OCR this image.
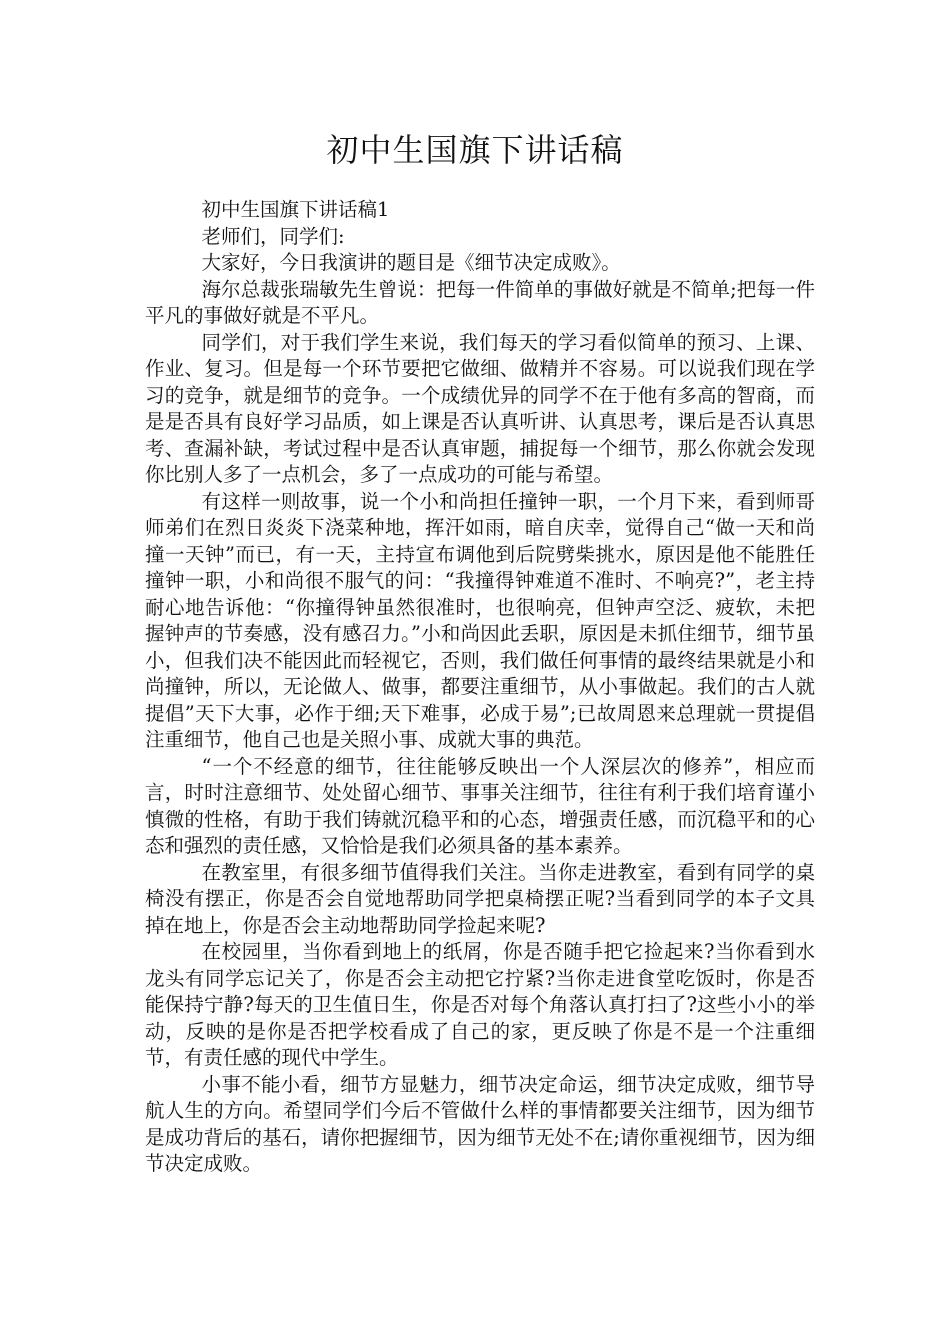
初中生国旗下讲话稿

初中生国旗下讲话稿1

老师们，同学们:

大家好，今日我演讲的题目是《细节决定成败》。

海尔总裁张瑞敏先生曾说：把每一件简单的事做好就是不简单;把每一件平凡的事做好就是不平凡。

同学们，对于我们学生来说，我们每天的学习看似简单的预习、上课、作业、复习。但是每一个环节要把它做细、做精并不容易。可以说我们现在学习的竞争，就是细节的竞争。一个成绩优异的同学不在于他有多高的智商，而是是否具有良好学习品质，如上课是否认真听讲、认真思考，课后是否认真思考、查漏补缺，考试过程中是否认真审题，捕捉每一个细节，那么你就会发现你比别人多了一点机会，多了一点成功的可能与希望。

有这样一则故事，说一个小和尚担任撞钟一职，一个月下来，看到师哥师弟们在烈日炎炎下浇菜种地，挥汗如雨，暗自庆幸，觉得自己“做一天和尚撞一天钟”而已，有一天，主持宣布调他到后院劈柴挑水，原因是他不能胜任撞钟一职，小和尚很不服气的问：“我撞得钟难道不准时、不响亮?”，老主持耐心地告诉他：“你撞得钟虽然很准时，也很响亮，但钟声空泛、疲软，未把握钟声的节奏感，没有感召力。”小和尚因此丢职，原因是未抓住细节，细节虽小，但我们决不能因此而轻视它，否则，我们做任何事情的最终结果就是小和尚撞钟，所以，无论做人、做事，都要注重细节，从小事做起。我们的古人就提倡”天下大事，必作于细;天下难事，必成于易”;已故周恩来总理就一贯提倡注重细节，他自己也是关照小事、成就大事的典范。

“一个不经意的细节，往往能够反映出一个人深层次的修养”，相应而言，时时注意细节、处处留心细节、事事关注细节，往往有利于我们培育谨小慎微的性格，有助于我们铸就沉稳平和的心态，增强责任感，而沉稳平和的心态和强烈的责任感，又恰恰是我们必须具备的基本素养。

在教室里，有很多细节值得我们关注。当你走进教室，看到有同学的桌椅没有摆正，你是否会自觉地帮助同学把桌椅摆正呢?当看到同学的本子文具掉在地上，你是否会主动地帮助同学捡起来呢?

在校园里，当你看到地上的纸屑，你是否随手把它捡起来?当你看到水龙头有同学忘记关了，你是否会主动把它拧紧?当你走进食堂吃饭时，你是否能保持宁静?每天的卫生值日生，你是否对每个角落认真打扫了?这些小小的举动，反映的是你是否把学校看成了自己的家，更反映了你是不是一个注重细节，有责任感的现代中学生。

小事不能小看，细节方显魅力，细节决定命运，细节决定成败，细节导航人生的方向。希望同学们今后不管做什么样的事情都要关注细节，因为细节是成功背后的基石，请你把握细节，因为细节无处不在;请你重视细节，因为细节决定成败。
